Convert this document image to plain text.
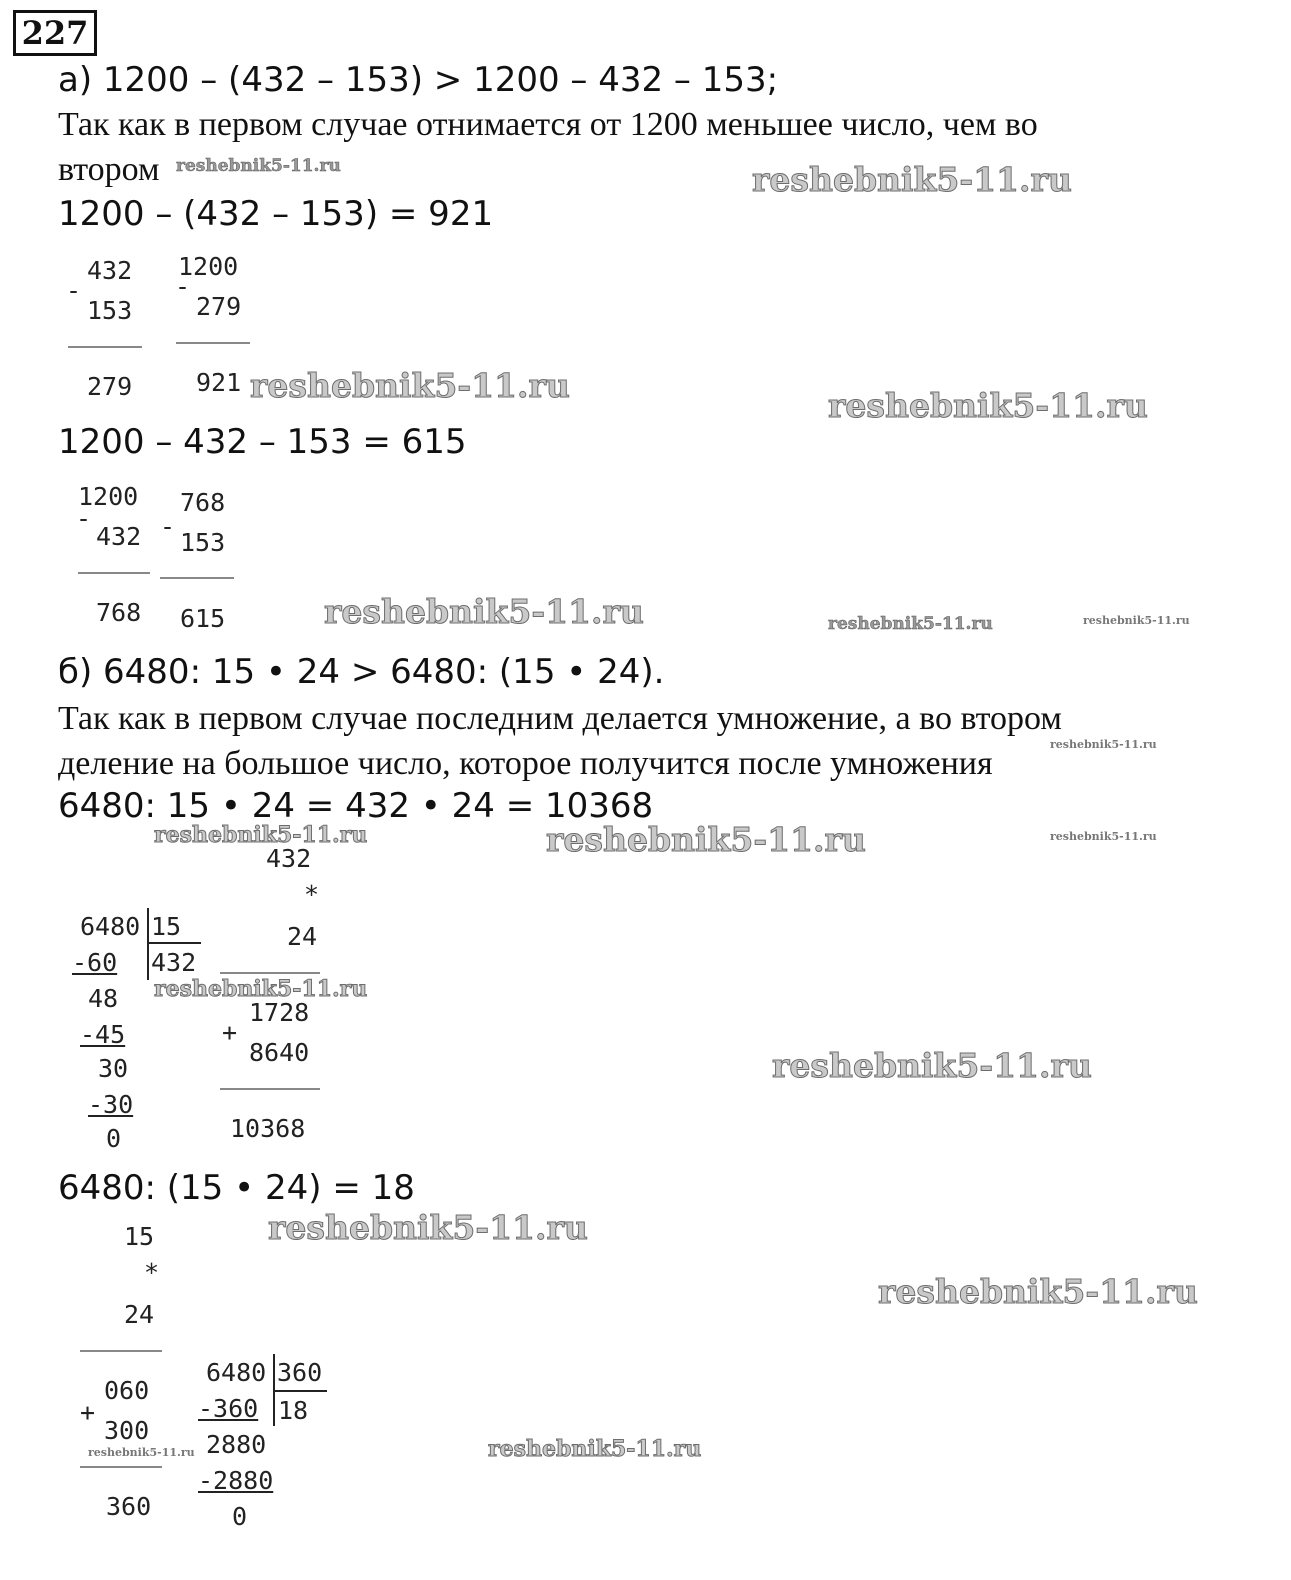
227
а) 1200 – (432 – 153) > 1200 – 432 – 153;
Так как в первом случае отнимается от 1200 меньшее число, чем во
втором
1200 – (432 – 153) = 921
-
432
153
279
-
1200
279
921
1200 – 432 – 153 = 615
-
1200
432
768
-
768
153
615
б) 6480: 15 • 24 > 6480: (15 • 24).
Так как в первом случае последним делается умножение, а во втором
деление на большое число, которое получится после умножения
6480: 15 • 24 = 432 • 24 = 10368
6480 15
432
-60
48
-45
30
-30
0
432
*
24
1728
+
8640
10368
6480: (15 • 24) = 18
15
*
24
060
+
300
360
6480 360
18
-360
2880
-2880
0
reshebnik5-11.ru	reshebnik5-11.ru
reshebnik5-11.ru
reshebnik5-11.ru
reshebnik5-11.ru	reshebnik5-11.ru	reshebnik5-11.ru
reshebnik5-11.ru
reshebnik5-11.ru	reshebnik5-11.ru	reshebnik5-11.ru
reshebnik5-11.ru
reshebnik5-11.ru
reshebnik5-11.ru
reshebnik5-11.ru
reshebnik5-11.ru	reshebnik5-11.ru
